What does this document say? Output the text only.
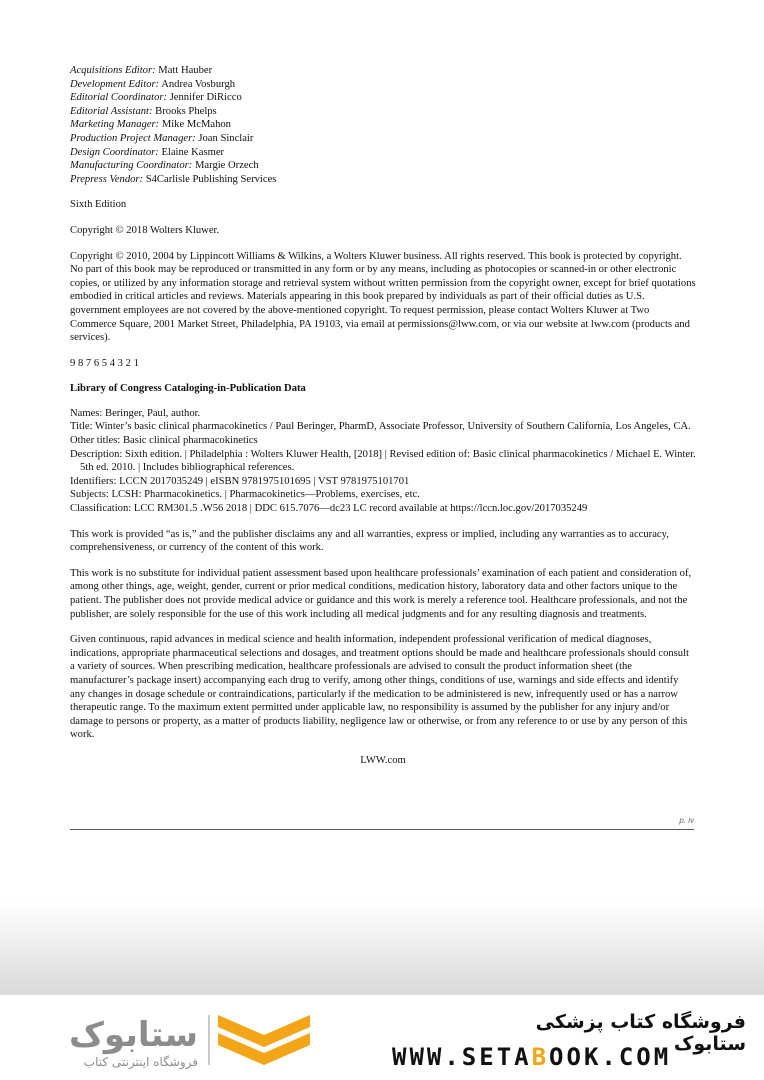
Acquisitions Editor: Matt Hauber
Development Editor: Andrea Vosburgh
Editorial Coordinator: Jennifer DiRicco
Editorial Assistant: Brooks Phelps
Marketing Manager: Mike McMahon
Production Project Manager: Joan Sinclair
Design Coordinator: Elaine Kasmer
Manufacturing Coordinator: Margie Orzech
Prepress Vendor: S4Carlisle Publishing Services

Sixth Edition

Copyright © 2018 Wolters Kluwer.

Copyright © 2010, 2004 by Lippincott Williams & Wilkins, a Wolters Kluwer business. All rights reserved. This book is protected by copyright. No part of this book may be reproduced or transmitted in any form or by any means, including as photocopies or scanned-in or other electronic copies, or utilized by any information storage and retrieval system without written permission from the copyright owner, except for brief quotations embodied in critical articles and reviews. Materials appearing in this book prepared by individuals as part of their official duties as U.S. government employees are not covered by the above-mentioned copyright. To request permission, please contact Wolters Kluwer at Two Commerce Square, 2001 Market Street, Philadelphia, PA 19103, via email at permissions@lww.com, or via our website at lww.com (products and services).

9 8 7 6 5 4 3 2 1

Library of Congress Cataloging-in-Publication Data

Names: Beringer, Paul, author.
Title: Winter’s basic clinical pharmacokinetics / Paul Beringer, PharmD, Associate Professor, University of Southern California, Los Angeles, CA.
Other titles: Basic clinical pharmacokinetics
Description: Sixth edition. | Philadelphia : Wolters Kluwer Health, [2018] | Revised edition of: Basic clinical pharmacokinetics / Michael E. Winter. 5th ed. 2010. | Includes bibliographical references.
Identifiers: LCCN 2017035249 | eISBN 9781975101695 | VST 9781975101701
Subjects: LCSH: Pharmacokinetics. | Pharmacokinetics—Problems, exercises, etc.
Classification: LCC RM301.5 .W56 2018 | DDC 615.7076—dc23 LC record available at https://lccn.loc.gov/2017035249

This work is provided “as is,” and the publisher disclaims any and all warranties, express or implied, including any warranties as to accuracy, comprehensiveness, or currency of the content of this work.

This work is no substitute for individual patient assessment based upon healthcare professionals’ examination of each patient and consideration of, among other things, age, weight, gender, current or prior medical conditions, medication history, laboratory data and other factors unique to the patient. The publisher does not provide medical advice or guidance and this work is merely a reference tool. Healthcare professionals, and not the publisher, are solely responsible for the use of this work including all medical judgments and for any resulting diagnosis and treatments.

Given continuous, rapid advances in medical science and health information, independent professional verification of medical diagnoses, indications, appropriate pharmaceutical selections and dosages, and treatment options should be made and healthcare professionals should consult a variety of sources. When prescribing medication, healthcare professionals are advised to consult the product information sheet (the manufacturer’s package insert) accompanying each drug to verify, among other things, conditions of use, warnings and side effects and identify any changes in dosage schedule or contraindications, particularly if the medication to be administered is new, infrequently used or has a narrow therapeutic range. To the maximum extent permitted under applicable law, no responsibility is assumed by the publisher for any injury and/or damage to persons or property, as a matter of products liability, negligence law or otherwise, or from any reference to or use by any person of this work.

LWW.com

p. iv
ستابوک
فروشگاه اینترنتی کتاب
فروشگاه کتاب پزشکی ستابوک
WWW.SETABOOK.COM
